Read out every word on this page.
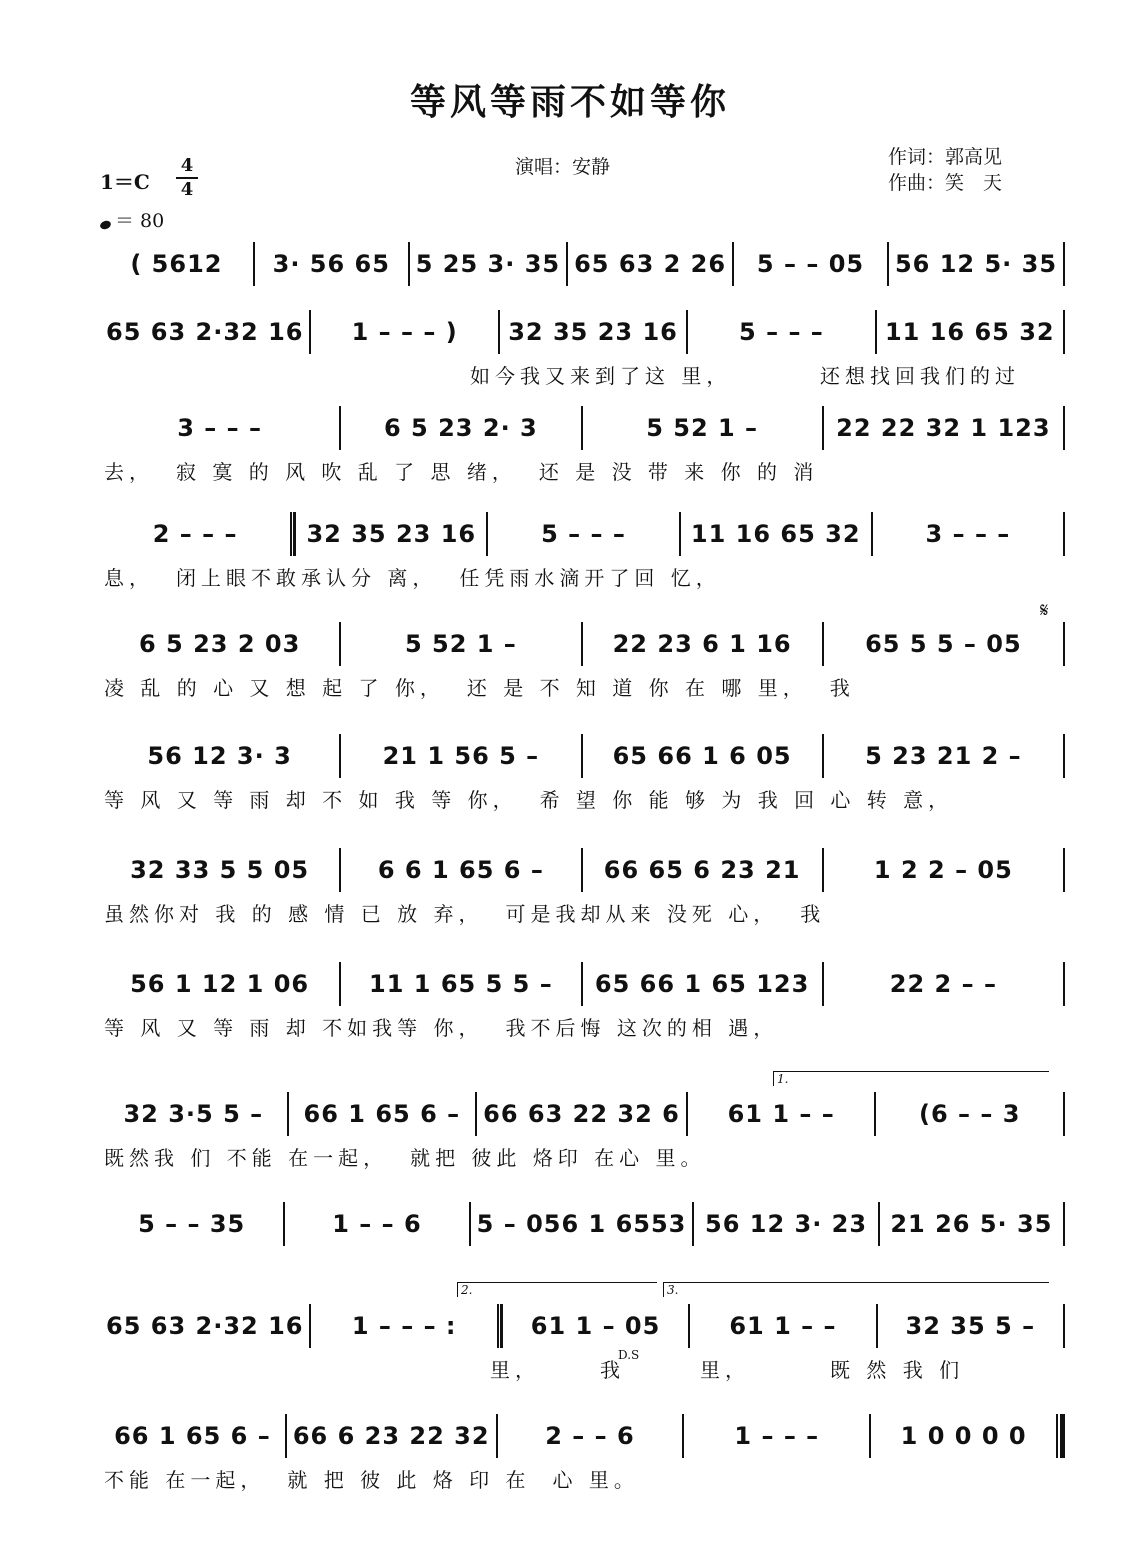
等风等雨不如等你
演唱：安静	作词：郭高见
作曲：笑　天
1＝C
4
4
＝ 80
( 5612	3· 56 65	5 25 3· 35 65 63 2 26	5 – – 05	56 12 5· 35
65 63 2·32 16	1 – – – )	32 35 23 16	5 – – –	11 16 65 32
如今我又来到了这 里，	还想找回我们的过
3 – – –	6 5 23 2· 3	5 52 1 –	22 22 32 1 123
去， 寂 寞 的 风 吹 乱 了 思 绪， 还 是 没 带 来 你 的 消
2 – – –	32 35 23 16	5 – – –	11 16 65 32	3 – – –
息， 闭上眼不敢承认分 离， 任凭雨水滴开了回 忆，
6 5 23 2 03	5 52 1 –	22 23 6 1 16	65 5 5 – 05
凌 乱 的 心 又 想 起 了 你， 还 是 不 知 道 你 在 哪 里， 我
56 12 3· 3	21 1 56 5 –	65 66 1 6 05	5 23 21 2 –
等 风 又 等 雨 却 不 如 我 等 你， 希 望 你 能 够 为 我 回 心 转 意，
32 33 5 5 05	6 6 1 65 6 –	66 65 6 23 21	1 2 2 – 05
虽然你对 我 的 感 情 已 放 弃， 可是我却从来 没死 心， 我
56 1 12 1 06	11 1 65 5 5 –	65 66 1 65 123	22 2 – –
等 风 又 等 雨 却 不如我等 你， 我不后悔 这次的相 遇，
32 3·5 5 –	66 1 65 6 – 66 63 22 32 6	61 1 – –	(6 – – 3
既然我 们 不能 在一起， 就把 彼此 烙印 在心 里。
5 – – 35	1 – – 6	5 – 056 1 6553 56 12 3· 23 21 26 5· 35
65 63 2·32 16	1 – – – :	61 1 – 05	61 1 – –	32 35 5 –
里，	我	里，	既 然 我 们
66 1 65 6 – 66 6 23 22 32	2 – – 6	1 – – –	1 0 0 0 0
不能 在一起， 就 把 彼 此 烙 印 在 心 里。
𝄋
1.
2.	3.
D.S
